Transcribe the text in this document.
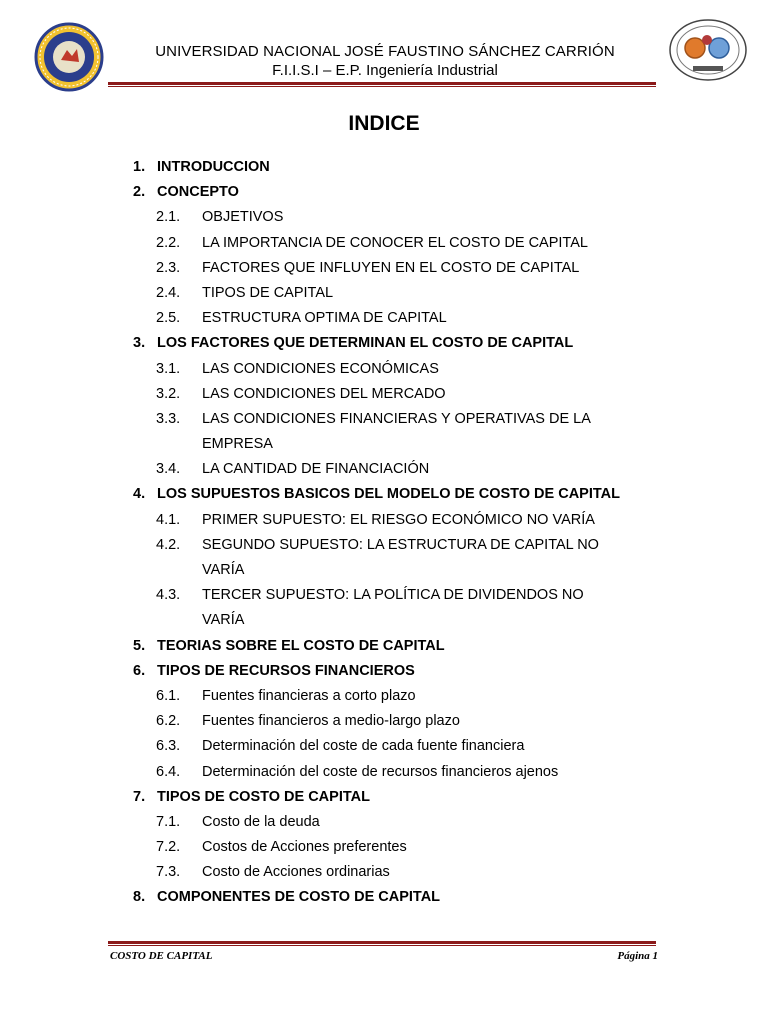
UNIVERSIDAD NACIONAL JOSÉ FAUSTINO SÁNCHEZ CARRIÓN
F.I.I.S.I – E.P. Ingeniería Industrial
INDICE
1. INTRODUCCION
2. CONCEPTO
2.1.	OBJETIVOS
2.2.	LA IMPORTANCIA DE CONOCER EL COSTO DE CAPITAL
2.3.	FACTORES QUE INFLUYEN EN EL COSTO DE CAPITAL
2.4.	TIPOS DE CAPITAL
2.5.	ESTRUCTURA OPTIMA DE CAPITAL
3. LOS FACTORES QUE DETERMINAN EL COSTO DE CAPITAL
3.1.	LAS CONDICIONES ECONÓMICAS
3.2.	LAS CONDICIONES DEL MERCADO
3.3.	LAS CONDICIONES FINANCIERAS Y OPERATIVAS DE LA
EMPRESA
3.4.	LA CANTIDAD DE FINANCIACIÓN
4. LOS SUPUESTOS BASICOS DEL MODELO DE COSTO DE CAPITAL
4.1.	PRIMER SUPUESTO: EL RIESGO ECONÓMICO NO VARÍA
4.2.	SEGUNDO SUPUESTO: LA ESTRUCTURA DE CAPITAL NO
VARÍA
4.3.	TERCER SUPUESTO: LA POLÍTICA DE DIVIDENDOS NO
VARÍA
5. TEORIAS SOBRE EL COSTO DE CAPITAL
6. TIPOS DE RECURSOS FINANCIEROS
6.1.	Fuentes financieras a corto plazo
6.2.	Fuentes financieros a medio-largo plazo
6.3.	Determinación del coste de cada fuente financiera
6.4.	Determinación del coste de recursos financieros ajenos
7. TIPOS DE COSTO DE CAPITAL
7.1.	Costo de la deuda
7.2.	Costos de Acciones preferentes
7.3.	Costo de Acciones ordinarias
8. COMPONENTES DE COSTO DE CAPITAL
COSTO DE CAPITAL	Página 1
